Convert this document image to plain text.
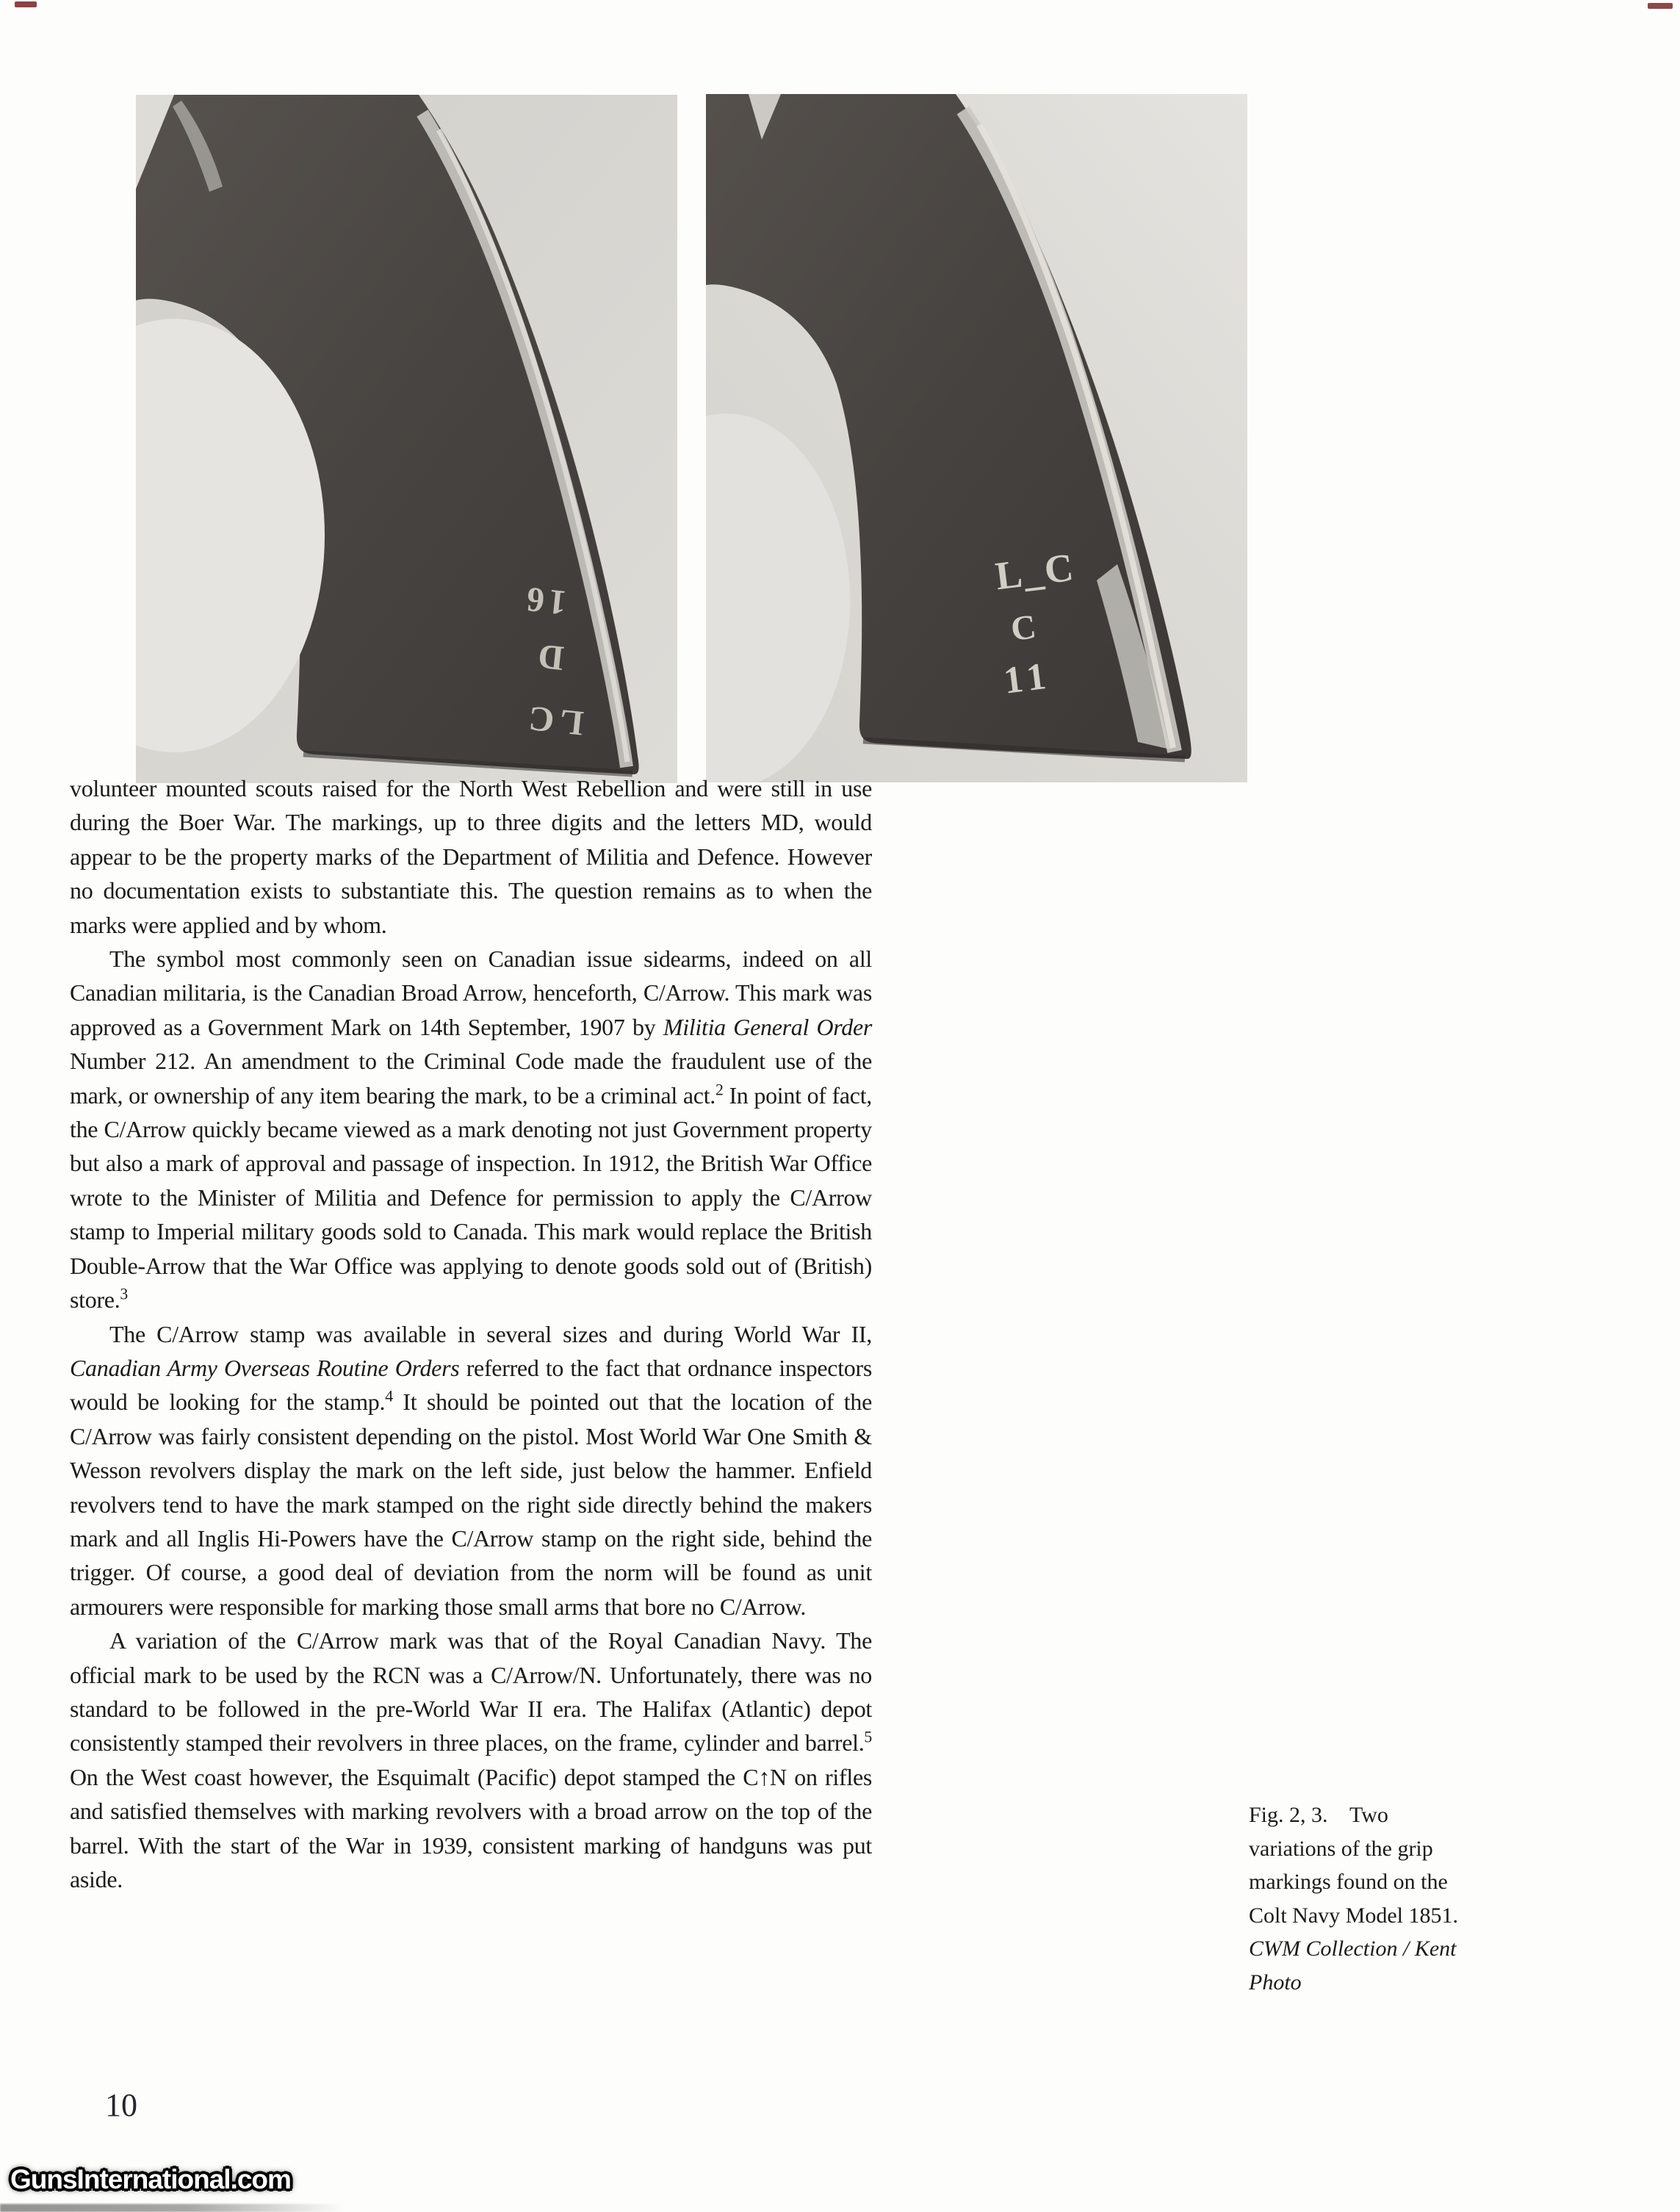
16
D
LC
L_C
C
11

volunteer mounted scouts raised for the North West Rebellion and were still in use during the Boer War. The markings, up to three digits and the letters MD, would appear to be the property marks of the Department of Militia and Defence. However no documentation exists to substantiate this. The question remains as to when the marks were applied and by whom.

The symbol most commonly seen on Canadian issue sidearms, indeed on all Canadian militaria, is the Canadian Broad Arrow, henceforth, C/Arrow. This mark was approved as a Government Mark on 14th September, 1907 by Militia General Order Number 212. An amendment to the Criminal Code made the fraudulent use of the mark, or ownership of any item bearing the mark, to be a criminal act.$^2$ In point of fact, the C/Arrow quickly became viewed as a mark denoting not just Government property but also a mark of approval and passage of inspection. In 1912, the British War Office wrote to the Minister of Militia and Defence for permission to apply the C/Arrow stamp to Imperial military goods sold to Canada. This mark would replace the British Double-Arrow that the War Office was applying to denote goods sold out of (British) store.$^3$

The C/Arrow stamp was available in several sizes and during World War II, Canadian Army Overseas Routine Orders referred to the fact that ordnance inspectors would be looking for the stamp.$^4$ It should be pointed out that the location of the C/Arrow was fairly consistent depending on the pistol. Most World War One Smith & Wesson revolvers display the mark on the left side, just below the hammer. Enfield revolvers tend to have the mark stamped on the right side directly behind the makers mark and all Inglis Hi-Powers have the C/Arrow stamp on the right side, behind the trigger. Of course, a good deal of deviation from the norm will be found as unit armourers were responsible for marking those small arms that bore no C/Arrow.

A variation of the C/Arrow mark was that of the Royal Canadian Navy. The official mark to be used by the RCN was a C/Arrow/N. Unfortunately, there was no standard to be followed in the pre-World War II era. The Halifax (Atlantic) depot consistently stamped their revolvers in three places, on the frame, cylinder and barrel.$^5$ On the West coast however, the Esquimalt (Pacific) depot stamped the C↑N on rifles and satisfied themselves with marking revolvers with a broad arrow on the top of the barrel. With the start of the War in 1939, consistent marking of handguns was put aside.

Fig. 2, 3.    Two
variations of the grip
markings found on the
Colt Navy Model 1851.
CWM Collection / Kent
Photo
10
GunsInternational.com
